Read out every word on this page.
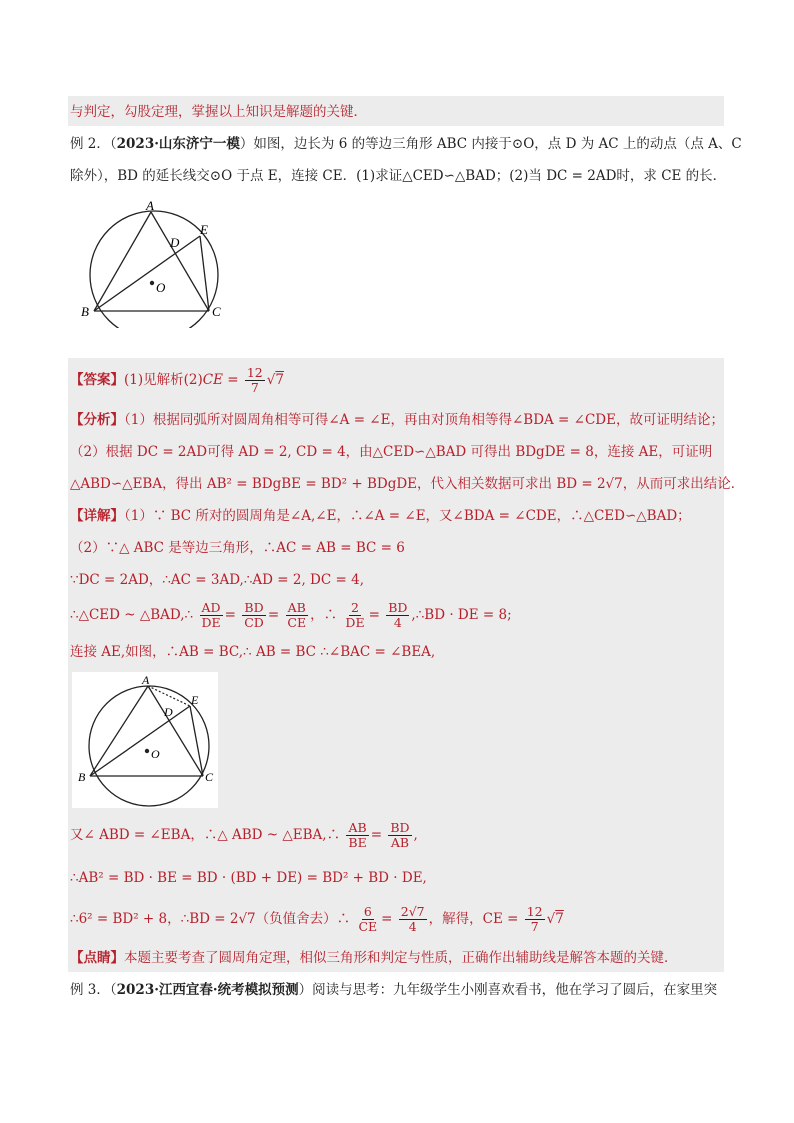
与判定，勾股定理，掌握以上知识是解题的关键．
例 2．（2023·山东济宁一模）如图，边长为 6 的等边三角形 ABC 内接于⊙O，点 D 为 AC 上的动点（点 A、C
除外），BD 的延长线交⊙O 于点 E，连接 CE．(1)求证△CED∽△BAD；(2)当 DC = 2AD时，求 CE 的长．
A
B	C
D
E
O
【答案】(1)见解析$(2)CE = \frac{12}{7} √7$
【分析】（1）根据同弧所对圆周角相等可得∠A = ∠E，再由对顶角相等得∠BDA = ∠CDE，故可证明结论；
（2）根据 DC = 2AD可得 AD = 2, CD = 4，由△CED∽△BAD 可得出 BDgDE = 8，连接 AE，可证明
△ABD∽△EBA，得出 AB² = BDgBE = BD² + BDgDE，代入相关数据可求出 BD = 2√7，从而可求出结论．
【详解】（1）∵ BC 所对的圆周角是∠A,∠E，∴∠A = ∠E，又∠BDA = ∠CDE，∴△CED∽△BAD；
（2）∵△ ABC 是等边三角形，∴AC = AB = BC = 6
∵DC = 2AD，∴AC = 3AD,∴AD = 2, DC = 4,
∴△CED ~ △BAD,∴ $\frac{AD}{DE} = \frac{BD}{CD} = \frac{AB}{CE}$ ，∴ $\frac{2}{DE} = \frac{BD}{4}$ ,∴BD · DE = 8;
连接 AE,如图，∴AB = BC,∴ AB = BC ∴∠BAC = ∠BEA,
A
B	C
D
E
O
又∠ ABD = ∠EBA，∴△ ABD ~ △EBA,∴ $\frac{AB}{BE} = \frac{BD}{AB}$ ,
∴AB² = BD · BE = BD · (BD + DE) = BD² + BD · DE,
∴6² = BD² + 8，∴BD = 2√7（负值舍去）∴ $\frac{6}{CE} = \frac{2√7}{4}$ ，解得，CE = $\frac{12}{7} √7$
【点睛】本题主要考查了圆周角定理，相似三角形和判定与性质，正确作出辅助线是解答本题的关键．
例 3．（2023·江西宜春·统考模拟预测）阅读与思考：九年级学生小刚喜欢看书，他在学习了圆后，在家里突
